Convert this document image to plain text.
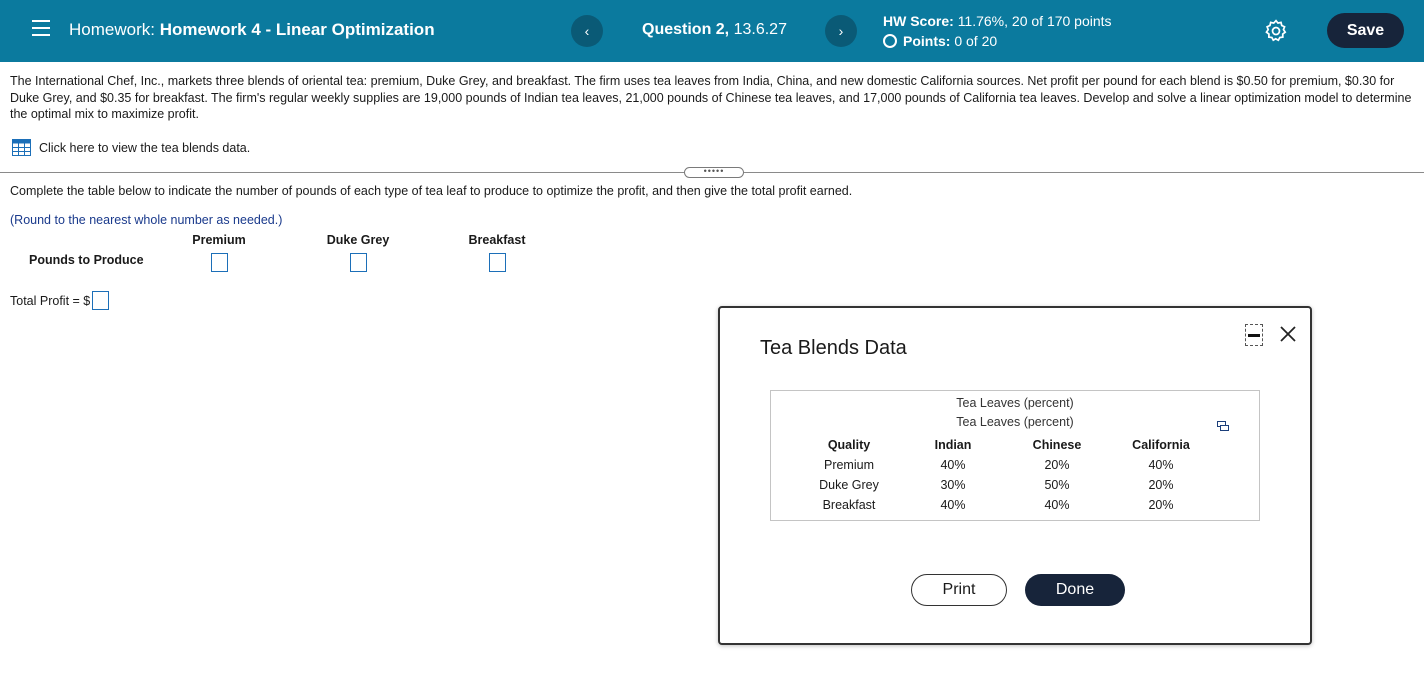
Homework: Homework 4 - Linear Optimization	‹	Question 2, 13.6.27	›
HW Score: 11.76%, 20 of 170 points
Points: 0 of 20
Save
The International Chef, Inc., markets three blends of oriental tea: premium, Duke Grey, and breakfast. The firm uses tea leaves from India, China, and new domestic California sources. Net profit per pound for each blend is $0.50 for premium, $0.30 for Duke Grey, and $0.35 for breakfast. The firm's regular weekly supplies are 19,000 pounds of Indian tea leaves, 21,000 pounds of Chinese tea leaves, and 17,000 pounds of California tea leaves. Develop and solve a linear optimization model to determine the optimal mix to maximize profit.
Click here to view the tea blends data.
•••••
Complete the table below to indicate the number of pounds of each type of tea leaf to produce to optimize the profit, and then give the total profit earned.
(Round to the nearest whole number as needed.)
Premium	Duke Grey	Breakfast
Pounds to Produce
Total Profit = $
Tea Blends Data
Tea Leaves (percent)
Tea Leaves (percent)
	Quality	Indian	Chinese	California	
	Premium	40%	20%	40%	
	Duke Grey	30%	50%	20%	
	Breakfast	40%	40%	20%	
Print	Done
